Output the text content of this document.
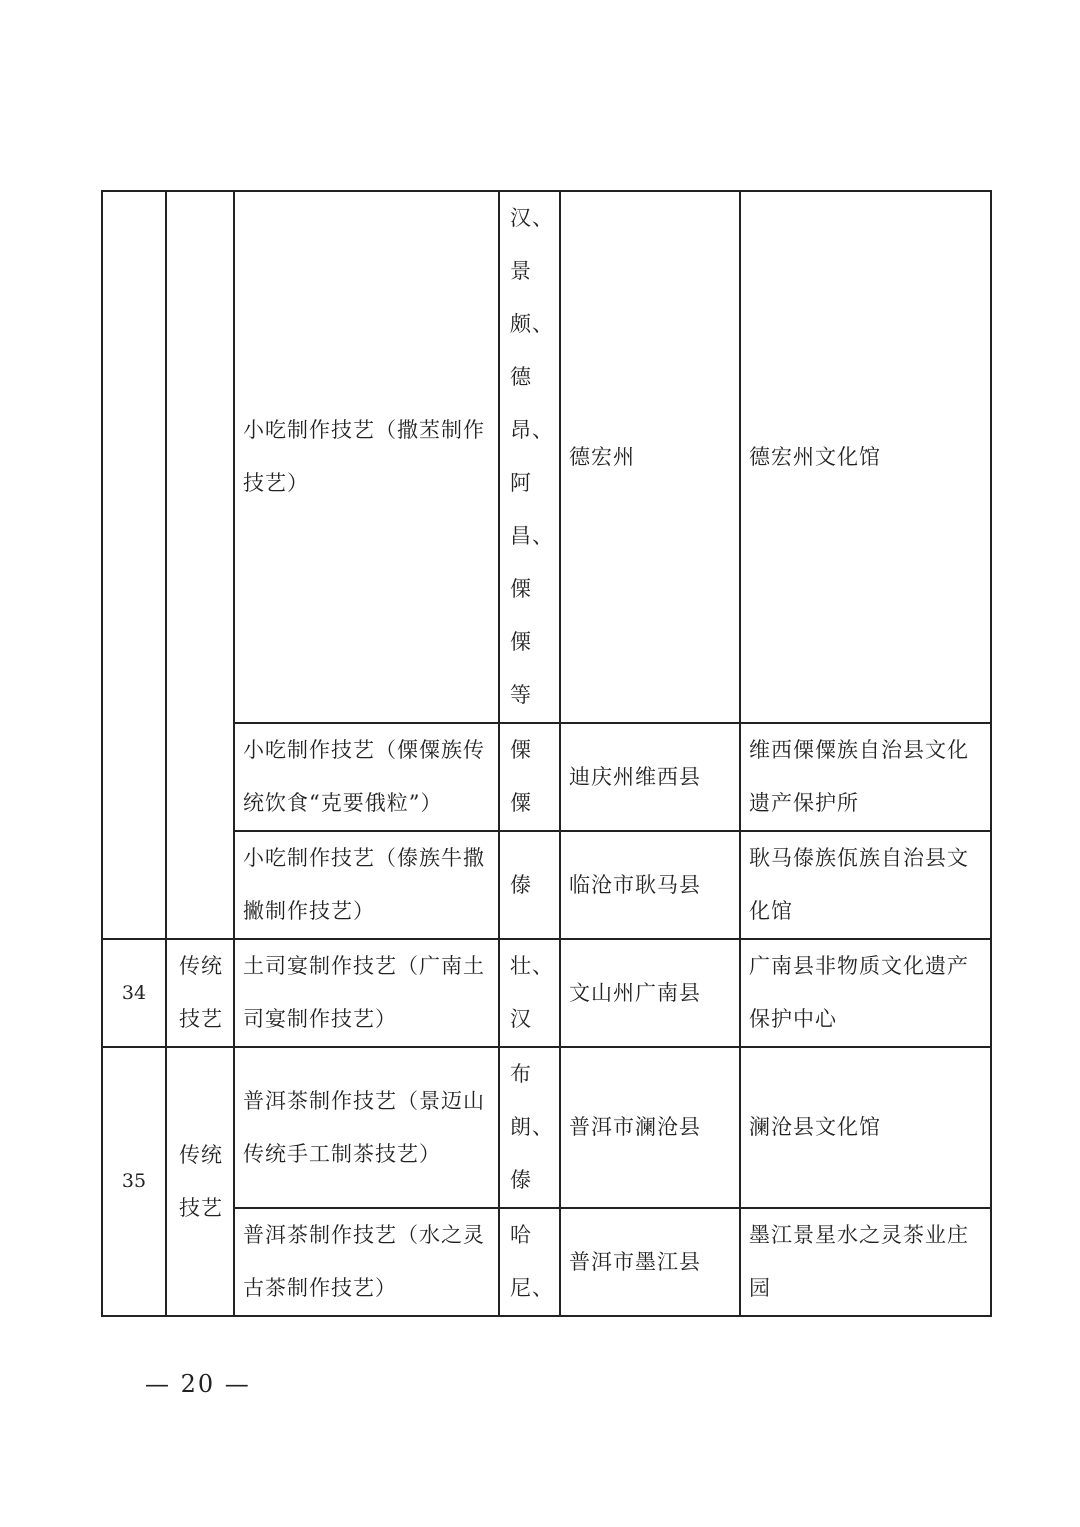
		小吃制作技艺（撒苤制作技艺）	汉、景颇、德昂、阿昌、傈傈等	德宏州	德宏州文化馆
		小吃制作技艺（傈僳族传统饮食“克要俄粒”）	傈僳	迪庆州维西县	维西傈僳族自治县文化遗产保护所
		小吃制作技艺（傣族牛撒撇制作技艺）	傣	临沧市耿马县	耿马傣族佤族自治县文化馆
34	传统技艺	土司宴制作技艺（广南土司宴制作技艺）	壮、汉	文山州广南县	广南县非物质文化遗产保护中心
35	传统技艺	普洱茶制作技艺（景迈山传统手工制茶技艺）	布朗、傣	普洱市澜沧县	澜沧县文化馆
		普洱茶制作技艺（水之灵古茶制作技艺）	哈尼、	普洱市墨江县	墨江景星水之灵茶业庄园
— 20 —
